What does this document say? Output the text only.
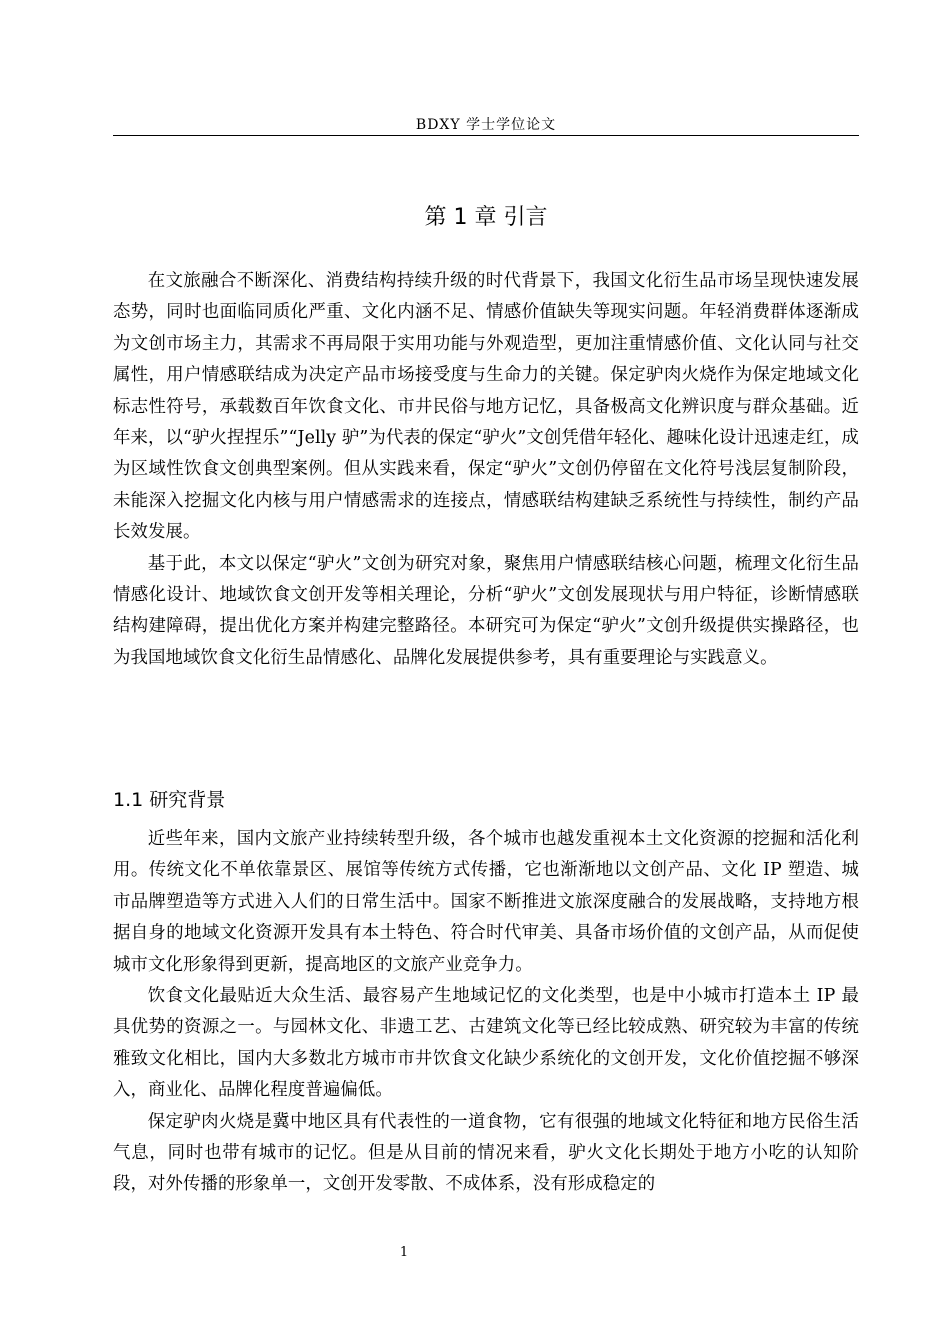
BDXY 学士学位论文
第 1 章 引言

在文旅融合不断深化、消费结构持续升级的时代背景下，我国文化衍生品市场呈现快速发展态势，同时也面临同质化严重、文化内涵不足、情感价值缺失等现实问题。年轻消费群体逐渐成为文创市场主力，其需求不再局限于实用功能与外观造型，更加注重情感价值、文化认同与社交属性，用户情感联结成为决定产品市场接受度与生命力的关键。保定驴肉火烧作为保定地域文化标志性符号，承载数百年饮食文化、市井民俗与地方记忆，具备极高文化辨识度与群众基础。近年来，以“驴火捏捏乐”“Jelly 驴”为代表的保定“驴火”文创凭借年轻化、趣味化设计迅速走红，成为区域性饮食文创典型案例。但从实践来看，保定“驴火”文创仍停留在文化符号浅层复制阶段，未能深入挖掘文化内核与用户情感需求的连接点，情感联结构建缺乏系统性与持续性，制约产品长效发展。

基于此，本文以保定“驴火”文创为研究对象，聚焦用户情感联结核心问题，梳理文化衍生品情感化设计、地域饮食文创开发等相关理论，分析“驴火”文创发展现状与用户特征，诊断情感联结构建障碍，提出优化方案并构建完整路径。本研究可为保定“驴火”文创升级提供实操路径，也为我国地域饮食文化衍生品情感化、品牌化发展提供参考，具有重要理论与实践意义。

1.1 研究背景

近些年来，国内文旅产业持续转型升级，各个城市也越发重视本土文化资源的挖掘和活化利用。传统文化不单依靠景区、展馆等传统方式传播，它也渐渐地以文创产品、文化 IP 塑造、城市品牌塑造等方式进入人们的日常生活中。国家不断推进文旅深度融合的发展战略，支持地方根据自身的地域文化资源开发具有本土特色、符合时代审美、具备市场价值的文创产品，从而促使城市文化形象得到更新，提高地区的文旅产业竞争力。

饮食文化最贴近大众生活、最容易产生地域记忆的文化类型，也是中小城市打造本土 IP 最具优势的资源之一。与园林文化、非遗工艺、古建筑文化等已经比较成熟、研究较为丰富的传统雅致文化相比，国内大多数北方城市市井饮食文化缺少系统化的文创开发，文化价值挖掘不够深入，商业化、品牌化程度普遍偏低。

保定驴肉火烧是冀中地区具有代表性的一道食物，它有很强的地域文化特征和地方民俗生活气息，同时也带有城市的记忆。但是从目前的情况来看，驴火文化长期处于地方小吃的认知阶段，对外传播的形象单一，文创开发零散、不成体系，没有形成稳定的

1
